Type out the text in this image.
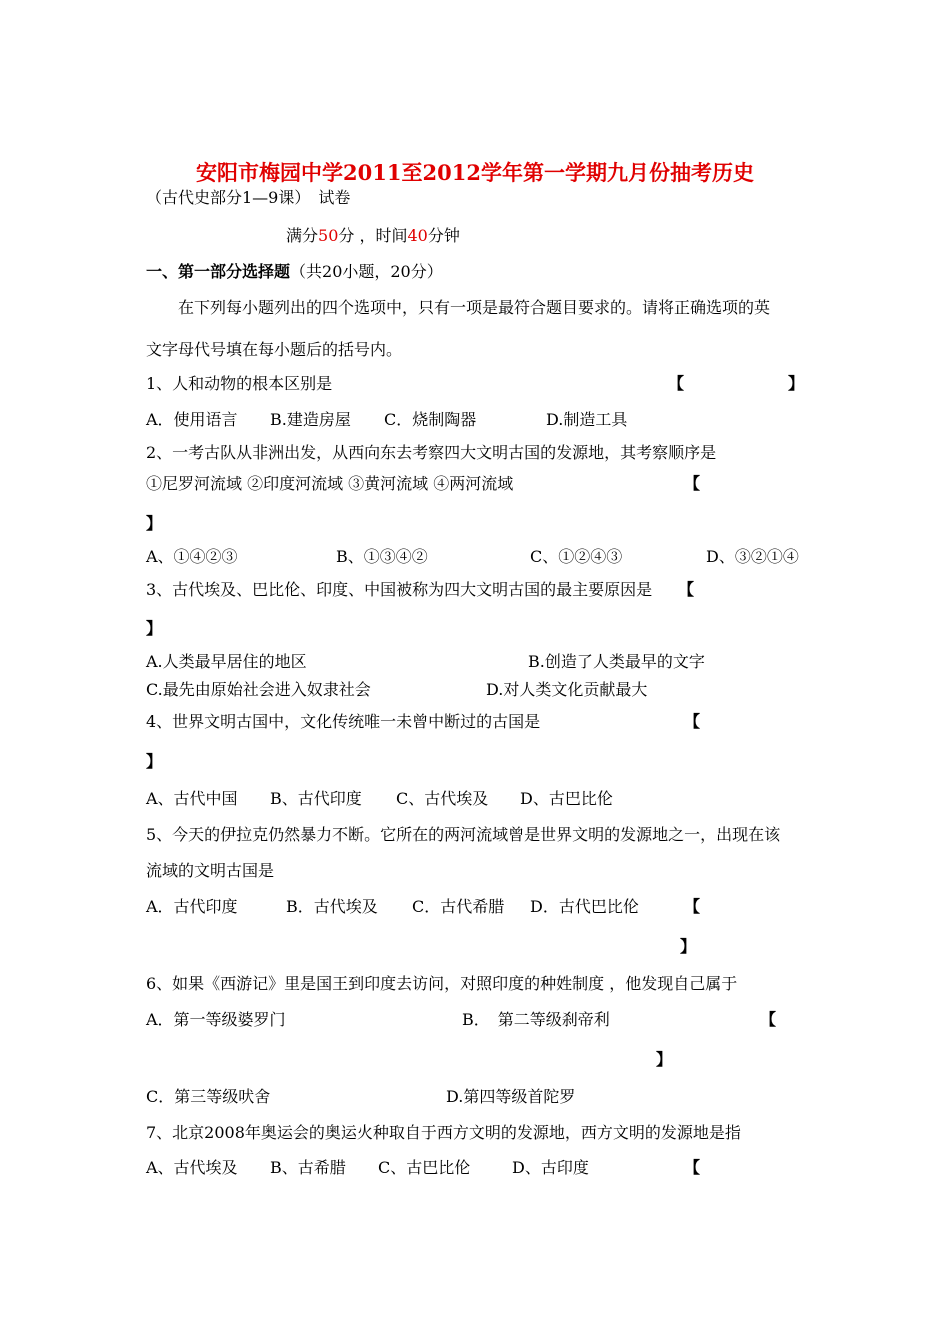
安阳市梅园中学2011至2012学年第一学期九月份抽考历史
（古代史部分1—9课）　试卷
满分50分 ，时间40分钟
一、第一部分选择题（共20小题，20分）
在下列每小题列出的四个选项中，只有一项是最符合题目要求的。请将正确选项的英
文字母代号填在每小题后的括号内。
1、人和动物的根本区别是	【	】
A．使用语言 B.建造房屋 C．烧制陶器	D.制造工具
2、一考古队从非洲出发，从西向东去考察四大文明古国的发源地，其考察顺序是
①尼罗河流域 ②印度河流域 ③黄河流域 ④两河流域	【
】
A、①④②③	B、①③④②	C、①②④③	D、③②①④
3、古代埃及、巴比伦、印度、中国被称为四大文明古国的最主要原因是 【
】
A.人类最早居住的地区	B.创造了人类最早的文字
C.最先由原始社会进入奴隶社会	D.对人类文化贡献最大
4、世界文明古国中，文化传统唯一未曾中断过的古国是	【
】
A、古代中国 B、古代印度 C、古代埃及 D、古巴比伦
5、今天的伊拉克仍然暴力不断。它所在的两河流域曾是世界文明的发源地之一，出现在该
流域的文明古国是
A．古代印度	B．古代埃及 C．古代希腊 D．古代巴比伦	【
】
6、如果《西游记》里是国王到印度去访问，对照印度的种姓制度 ，他发现自己属于
A．第一等级婆罗门	B．　第二等级刹帝利	【
】
C．第三等级吠舍	D.第四等级首陀罗
7、北京2008年奥运会的奥运火种取自于西方文明的发源地，西方文明的发源地是指
A、古代埃及 B、古希腊 C、古巴比伦	D、古印度	【
